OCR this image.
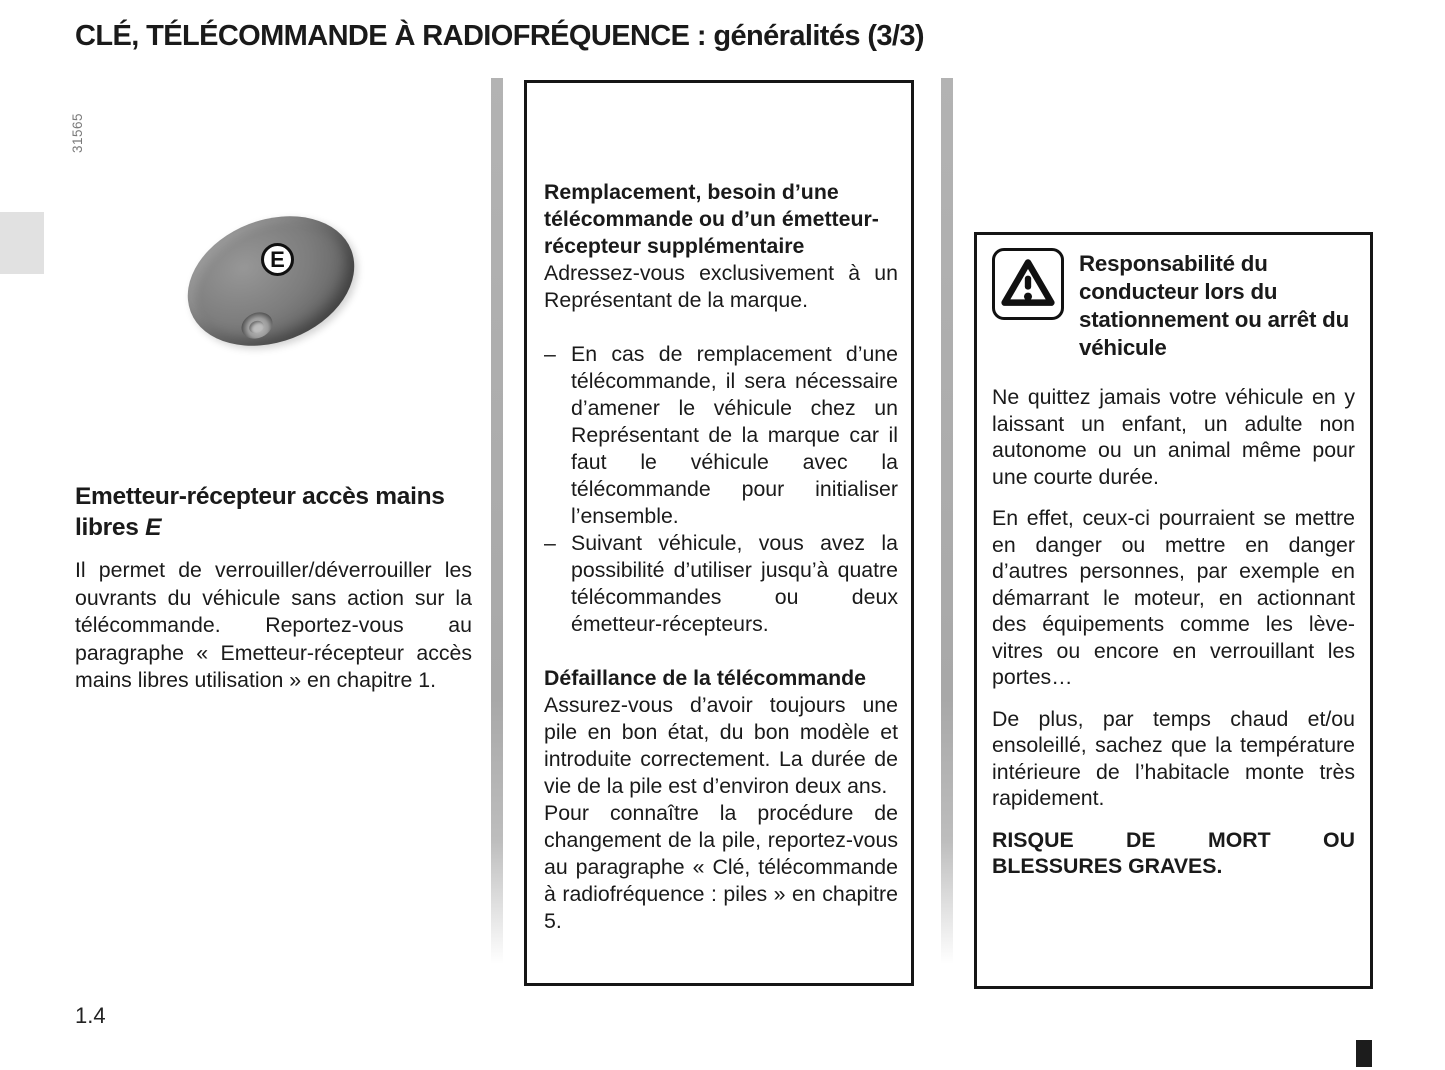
CLÉ, TÉLÉCOMMANDE À RADIOFRÉQUENCE : généralités (3/3)
31565
E
Emetteur-récepteur accès mains libres E
Il permet de verrouiller/déverrouiller les ouvrants du véhicule sans action sur la télécommande. Reportez-vous au paragraphe « Emetteur-récepteur accès mains libres utilisation » en chapitre 1.
Remplacement, besoin d’une télécommande ou d’un émetteur-récepteur supplémentaire
Adressez-vous exclusivement à un Représentant de la marque.
– En cas de remplacement d’une télécommande, il sera nécessaire d’amener le véhicule chez un Représentant de la marque car il faut le véhicule avec la télécommande pour initialiser l’ensemble.
– Suivant véhicule, vous avez la possibilité d’utiliser jusqu’à quatre télécommandes ou deux émetteur-récepteurs.
Défaillance de la télécommande
Assurez-vous d’avoir toujours une pile en bon état, du bon modèle et introduite correctement. La durée de vie de la pile est d’environ deux ans.
Pour connaître la procédure de changement de la pile, reportez-vous au paragraphe « Clé, télécommande à radiofréquence : piles » en chapitre 5.
Responsabilité du conducteur lors du stationnement ou arrêt du véhicule
Ne quittez jamais votre véhicule en y laissant un enfant, un adulte non autonome ou un animal même pour une courte durée.
En effet, ceux-ci pourraient se mettre en danger ou mettre en danger d’autres personnes, par exemple en démarrant le moteur, en actionnant des équipements comme les lève-vitres ou encore en verrouillant les portes…
De plus, par temps chaud et/ou ensoleillé, sachez que la température intérieure de l’habitacle monte très rapidement.
RISQUE DE MORT OU
BLESSURES GRAVES.
1.4
